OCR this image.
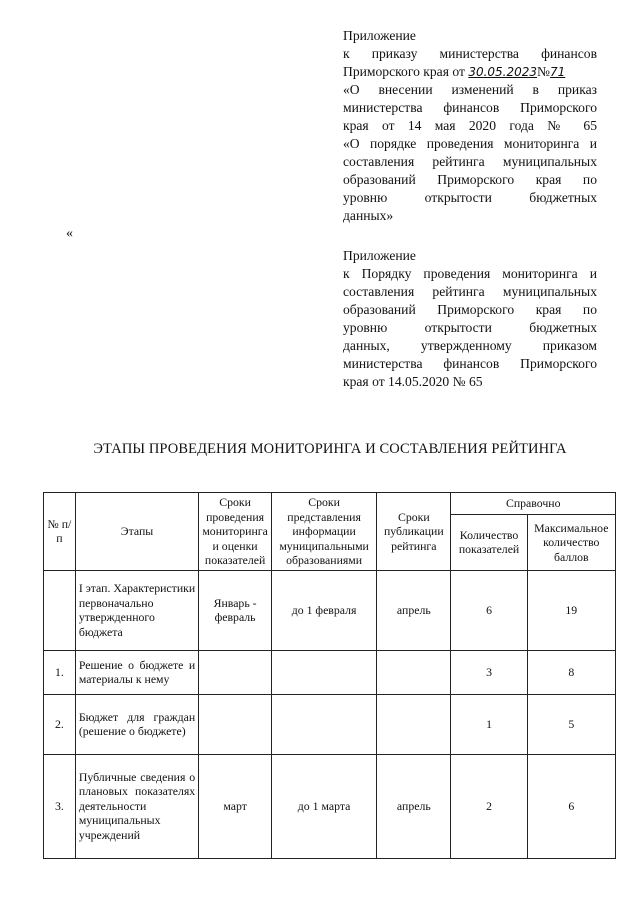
Приложение
к приказу министерства финансов
Приморского края от 30.05.2023№71
«О внесении изменений в приказ
министерства финансов Приморского
края от 14 мая 2020 года № 65
«О порядке проведения мониторинга и
составления рейтинга муниципальных
образований Приморского края по
уровню открытости бюджетных
данных»
«
Приложение
к Порядку проведения мониторинга и
составления рейтинга муниципальных
образований Приморского края по
уровню открытости бюджетных
данных, утвержденному приказом
министерства финансов Приморского
края от 14.05.2020 № 65
ЭТАПЫ ПРОВЕДЕНИЯ МОНИТОРИНГА И СОСТАВЛЕНИЯ РЕЙТИНГА
№ п/п	Этапы	Сроки проведения мониторинга и оценки показателей	Сроки представления информации муниципальными образованиями	Сроки публикации рейтинга	Справочно	
					Количество показателей	Максимальное количество баллов
	I этап. Характеристики первоначально утвержденного бюджета	Январь - февраль	до 1 февраля	апрель	6	19
1.	Решение о бюджете и материалы к нему				3	8
2.	Бюджет для граждан (решение о бюджете)				1	5
3.	Публичные сведения о плановых показателях деятельности муниципальных учреждений	март	до 1 марта	апрель	2	6
